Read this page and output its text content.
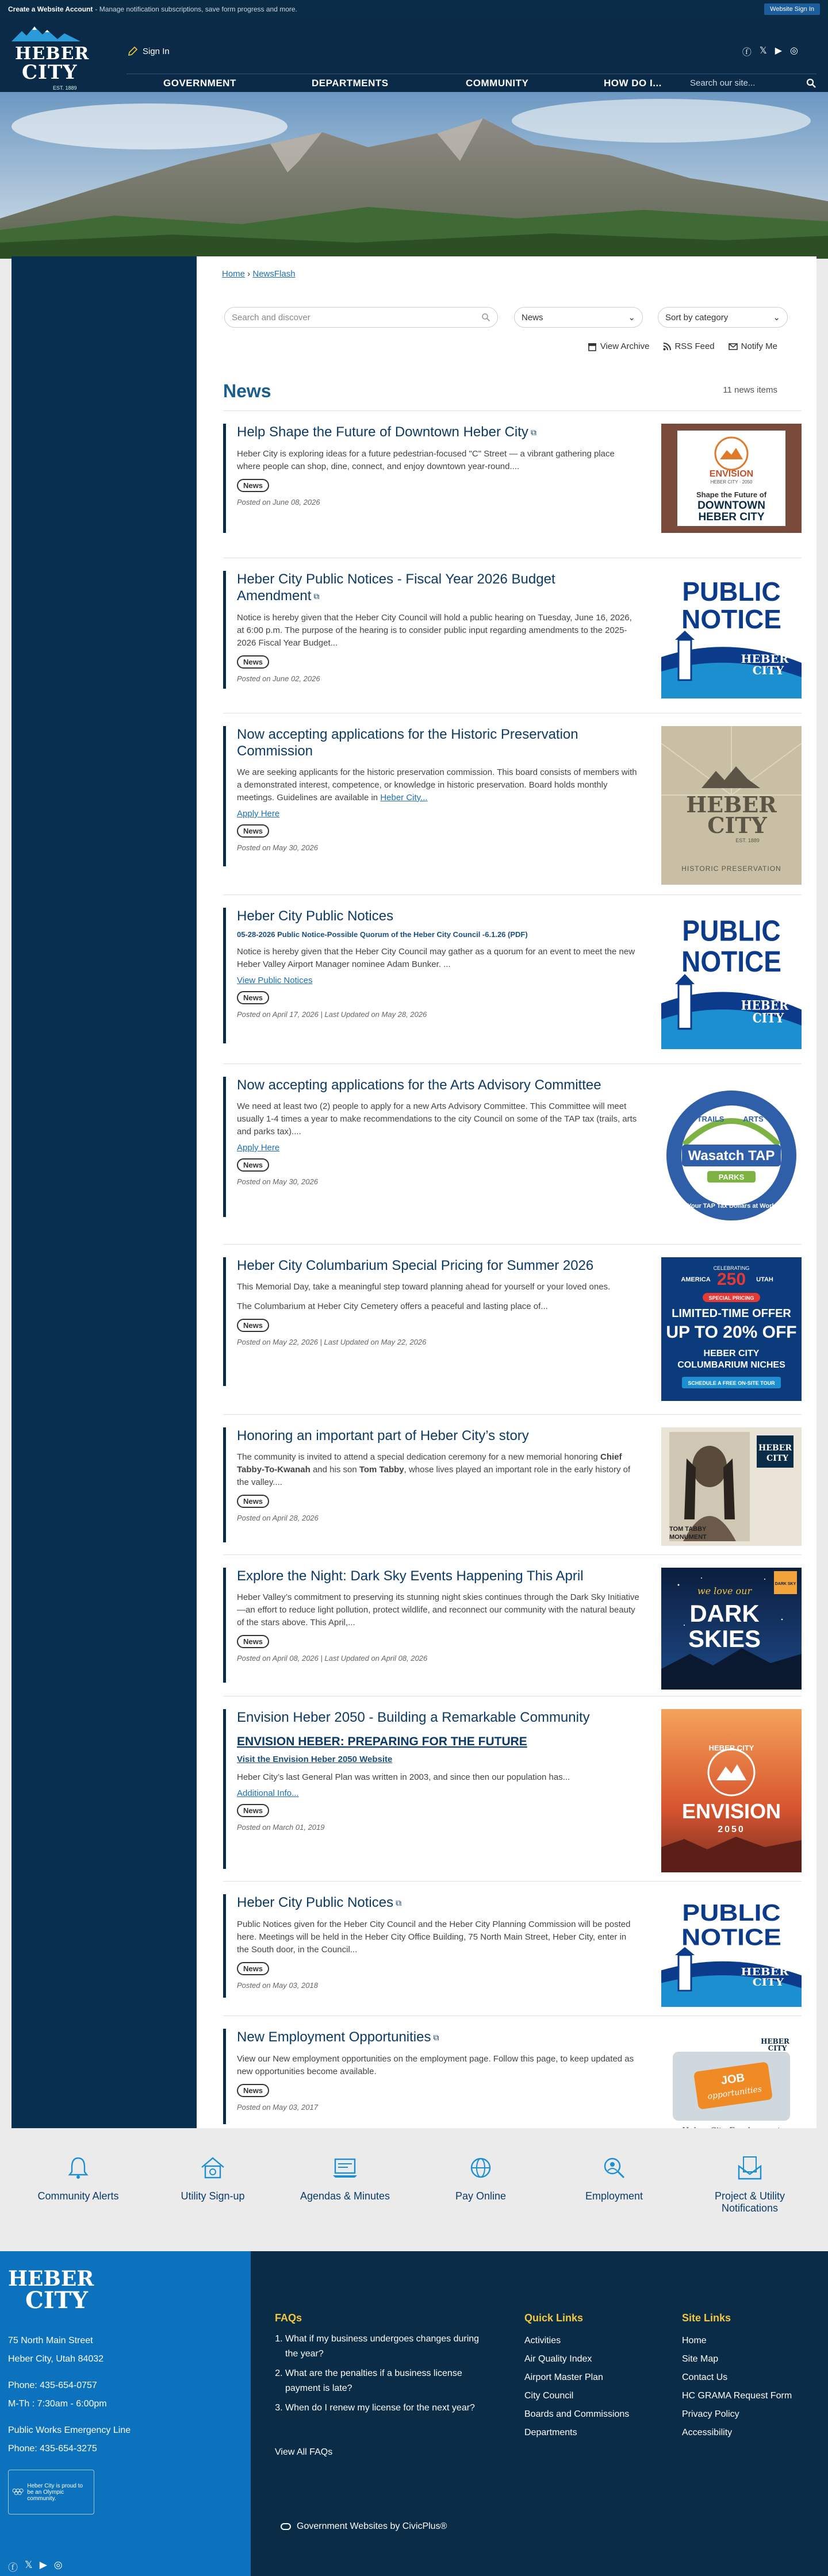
Create a Website Account - Manage notification subscriptions, save form progress and more.	Website Sign In
HEBER
CITY
EST. 1889
Sign In	ⓕ 𝕏 ▶ ◎
GOVERNMENT	DEPARTMENTS	COMMUNITY	HOW DO I...	Search our site...
Home › NewsFlash
Search and discover	News	⌄	Sort by category	⌄
View Archive	RSS Feed	Notify Me
News	11 news items
Help Shape the Future of Downtown Heber City ⧉

Heber City is exploring ideas for a future pedestrian-focused "C" Street — a vibrant gathering place where people can shop, dine, connect, and enjoy downtown year-round....

News
Posted on June 08, 2026
ENVISION
HEBER CITY · 2050
Shape the Future of
DOWNTOWN
HEBER CITY
Heber City Public Notices - Fiscal Year 2026 Budget Amendment ⧉

Notice is hereby given that the Heber City Council will hold a public hearing on Tuesday, June 16, 2026, at 6:00 p.m. The purpose of the hearing is to consider public input regarding amendments to the 2025-2026 Fiscal Year Budget...

News
Posted on June 02, 2026
PUBLIC
NOTICE
HEBER
CITY
Now accepting applications for the Historic Preservation Commission

We are seeking applicants for the historic preservation commission. This board consists of members with a demonstrated interest, competence, or knowledge in historic preservation. Board holds monthly meetings. Guidelines are available in Heber City...

Apply Here
News
Posted on May 30, 2026
HEBER
CITY
EST. 1889
HISTORIC PRESERVATION
Heber City Public Notices
05-28-2026 Public Notice-Possible Quorum of the Heber City Council -6.1.26 (PDF)

Notice is hereby given that the Heber City Council may gather as a quorum for an event to meet the new Heber Valley Airport Manager nominee Adam Bunker. ...

View Public Notices
News
Posted on April 17, 2026 | Last Updated on May 28, 2026
PUBLIC
NOTICE
HEBER
CITY
Now accepting applications for the Arts Advisory Committee

We need at least two (2) people to apply for a new Arts Advisory Committee. This Committee will meet usually 1-4 times a year to make recommendations to the city Council on some of the TAP tax (trails, arts and parks tax)....

Apply Here
News
Posted on May 30, 2026
TRAILS	ARTS
Wasatch TAP
PARKS
Your TAP Tax Dollars at Work
Heber City Columbarium Special Pricing for Summer 2026

This Memorial Day, take a meaningful step toward planning ahead for yourself or your loved ones.

The Columbarium at Heber City Cemetery offers a peaceful and lasting place of...

News
Posted on May 22, 2026 | Last Updated on May 22, 2026
CELEBRATING
AMERICA 250 UTAH
SPECIAL PRICING
LIMITED-TIME OFFER
UP TO 20% OFF
HEBER CITY
COLUMBARIUM NICHES
SCHEDULE A FREE ON-SITE TOUR
Honoring an important part of Heber City’s story

The community is invited to attend a special dedication ceremony for a new memorial honoring Chief Tabby-To-Kwanah and his son Tom Tabby, whose lives played an important role in the early history of the valley....

News
Posted on April 28, 2026
HEBER
CITY
TOM TABBY
MONUMENT
Explore the Night: Dark Sky Events Happening This April

Heber Valley’s commitment to preserving its stunning night skies continues through the Dark Sky Initiative—an effort to reduce light pollution, protect wildlife, and reconnect our community with the natural beauty of the stars above. This April,...

News
Posted on April 08, 2026 | Last Updated on April 08, 2026
DARK SKY
we love our
DARK
SKIES
Envision Heber 2050 - Building a Remarkable Community
ENVISION HEBER: PREPARING FOR THE FUTURE
Visit the Envision Heber 2050 Website

Heber City’s last General Plan was written in 2003, and since then our population has...

Additional Info...
News
Posted on March 01, 2019
HEBER CITY
ENVISION
2050
Heber City Public Notices ⧉

Public Notices given for the Heber City Council and the Heber City Planning Commission will be posted here. Meetings will be held in the Heber City Office Building, 75 North Main Street, Heber City, enter in the South door, in the Council...

News
Posted on May 03, 2018
PUBLIC
NOTICE
HEBER
CITY
New Employment Opportunities ⧉

View our New employment opportunities on the employment page. Follow this page, to keep updated as new opportunities become available.

News
Posted on May 03, 2017
JOB
opportunities
HEBER
CITY
Community Alerts	Utility Sign-up	Agendas & Minutes	Pay Online	Employment	Project & Utility Notifications
HEBER
CITY
75 North Main Street
Heber City, Utah 84032
Phone: 435-654-0757
M-Th : 7:30am - 6:00pm
Public Works Emergency Line
Phone: 435-654-3275
Heber City is proud to be an Olympic community.
ⓕ 𝕏 ▶ ◎
FAQs
1. What if my business undergoes changes during the year?
2. What are the penalties if a business license payment is late?
3. When do I renew my license for the next year?
View All FAQs
Quick Links
Activities
Air Quality Index
Airport Master Plan
City Council
Boards and Commissions
Departments
Site Links
Home
Site Map
Contact Us
HC GRAMA Request Form
Privacy Policy
Accessibility
Government Websites by CivicPlus®
